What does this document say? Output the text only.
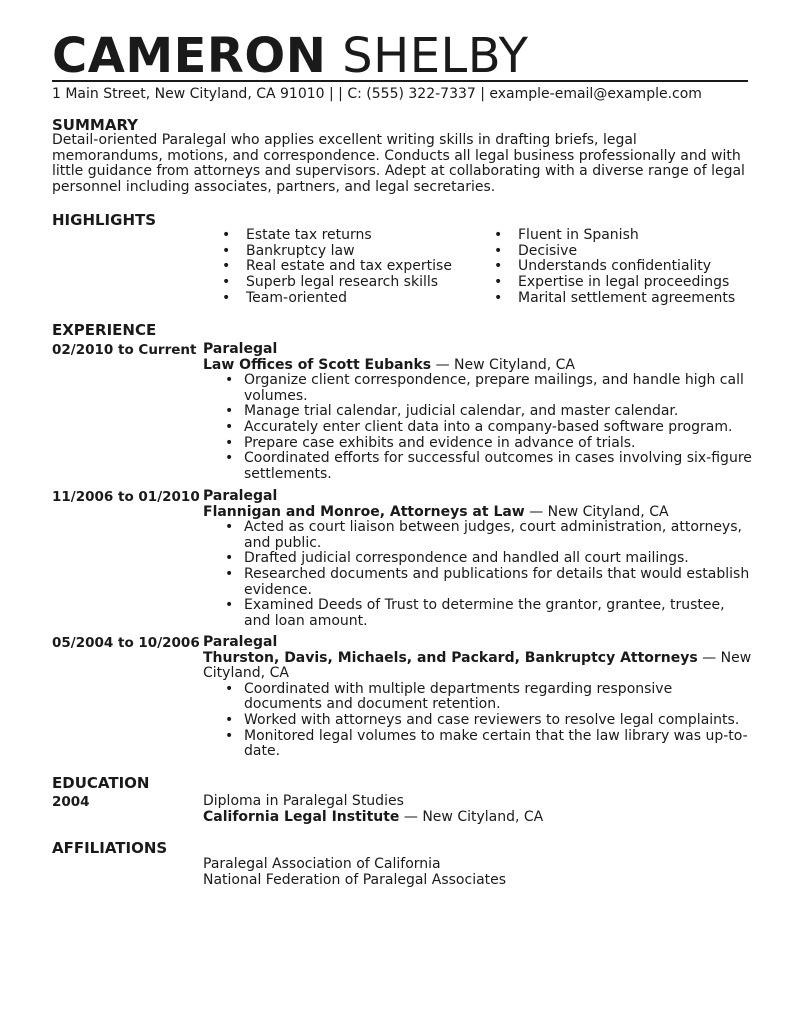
CAMERON SHELBY
1 Main Street, New Cityland, CA 91010 | | C: (555) 322-7337 | example-email@example.com
SUMMARY
Detail-oriented Paralegal who applies excellent writing skills in drafting briefs, legal memorandums, motions, and correspondence. Conducts all legal business professionally and with little guidance from attorneys and supervisors. Adept at collaborating with a diverse range of legal personnel including associates, partners, and legal secretaries.
HIGHLIGHTS
• Estate tax returns
• Bankruptcy law
• Real estate and tax expertise
• Superb legal research skills
• Team-oriented
• Fluent in Spanish
• Decisive
• Understands confidentiality
• Expertise in legal proceedings
• Marital settlement agreements
EXPERIENCE
02/2010 to Current Paralegal
Law Offices of Scott Eubanks — New Cityland, CA
• Organize client correspondence, prepare mailings, and handle high call volumes.
• Manage trial calendar, judicial calendar, and master calendar.
• Accurately enter client data into a company-based software program.
• Prepare case exhibits and evidence in advance of trials.
• Coordinated efforts for successful outcomes in cases involving six-figure settlements.
11/2006 to 01/2010 Paralegal
Flannigan and Monroe, Attorneys at Law — New Cityland, CA
• Acted as court liaison between judges, court administration, attorneys, and public.
• Drafted judicial correspondence and handled all court mailings.
• Researched documents and publications for details that would establish evidence.
• Examined Deeds of Trust to determine the grantor, grantee, trustee, and loan amount.
05/2004 to 10/2006 Paralegal
Thurston, Davis, Michaels, and Packard, Bankruptcy Attorneys — New Cityland, CA
• Coordinated with multiple departments regarding responsive documents and document retention.
• Worked with attorneys and case reviewers to resolve legal complaints.
• Monitored legal volumes to make certain that the law library was up-to-date.
EDUCATION
2004	Diploma in Paralegal Studies
California Legal Institute — New Cityland, CA
AFFILIATIONS
Paralegal Association of California
National Federation of Paralegal Associates
